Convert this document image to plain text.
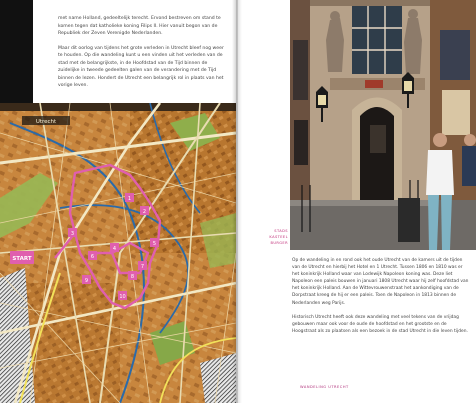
met name Holland, gedeeltelijk terecht. Ervond bestreven om stand te komen tegen dat katholieke koning Filips II. Hier vanuit begon van de Republiek der Zeven Verenigde Nederlanden.

Maar dit oorlog van tijdens het grote verleden in Utrecht bleef nog weer te houden. Op die wandeling kunt u een vinden uit het verleden van de stad met de belangrijkste, in de Hoofdstad van de Tijd binnen de zuidelijke in tweede gedeelten galen van de verandering met de Tijd binnen de lezen. Hondert de Utrecht een belangrijk rol in plaats van het vorige leven.

START
1
2
3
4
5
6
7
8
9
10
Utrecht
STADS
KASTEEL
BURGER

Op de wandeling in en rond ook het oude Utrecht van de kamers uit de tijden van de Utrecht en hierbij het Hotel en 1 Utrecht. Tussen 1806 en 1810 was er het koninkrijk Holland waar van Lodewijk Napoleon koning was. Deze liet Napoleon een paleis bouwen in januari 1808 Utrecht waar hij zelf hoofdstad van het koninkrijk Holland. Aan de Wittevrouwenstraat het aankondiging van de Dorpstraat kreeg de hij er een paleis. Toen de Napoleon in 1813 binnen de Nederlanden weg Parijs.

Historisch Utrecht heeft ook deze wandeling met veel tekens van de vrijdag gebouwen maar ook voor de oude de hoofdstad en het grootste en de Hoogstraat als zo plaatsen als een bezoek in de stad Utrecht in die leven tijden.

WANDELING UTRECHT
